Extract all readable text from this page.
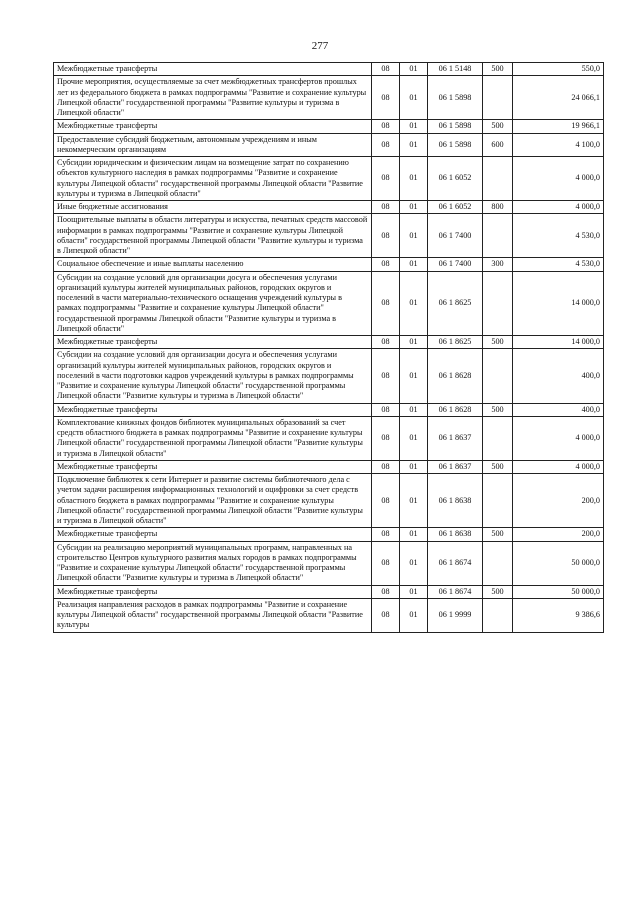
277
Межбюджетные трансферты	08	01	06 1 5148	500	550,0
Прочие мероприятия, осуществляемые за счет межбюджетных трансфертов прошлых лет из федерального бюджета в рамках подпрограммы "Развитие и сохранение культуры Липецкой области" государственной программы "Развитие культуры и туризма в Липецкой области"	08	01	06 1 5898		24 066,1
Межбюджетные трансферты	08	01	06 1 5898	500	19 966,1
Предоставление субсидий бюджетным, автономным учреждениям и иным некоммерческим организациям	08	01	06 1 5898	600	4 100,0
Субсидии юридическим и физическим лицам на возмещение затрат по сохранению объектов культурного наследия в рамках подпрограммы "Развитие и сохранение культуры Липецкой области" государственной программы Липецкой области "Развитие культуры и туризма в Липецкой области"	08	01	06 1 6052		4 000,0
Иные бюджетные ассигнования	08	01	06 1 6052	800	4 000,0
Поощрительные выплаты в области литературы и искусства, печатных средств массовой информации в рамках подпрограммы "Развитие и сохранение культуры Липецкой области" государственной программы Липецкой области "Развитие культуры и туризма в Липецкой области"	08	01	06 1 7400		4 530,0
Социальное обеспечение и иные выплаты населению	08	01	06 1 7400	300	4 530,0
Субсидии на создание условий для организации досуга и обеспечения услугами организаций культуры жителей муниципальных районов, городских округов и поселений в части материально-технического оснащения учреждений культуры в рамках подпрограммы "Развитие и сохранение культуры Липецкой области" государственной программы Липецкой области "Развитие культуры и туризма в Липецкой области"	08	01	06 1 8625		14 000,0
Межбюджетные трансферты	08	01	06 1 8625	500	14 000,0
Субсидии на создание условий для организации досуга и обеспечения услугами организаций культуры жителей муниципальных районов, городских округов и поселений в части подготовки кадров учреждений культуры в рамках подпрограммы "Развитие и сохранение культуры Липецкой области" государственной программы Липецкой области "Развитие культуры и туризма в Липецкой области"	08	01	06 1 8628		400,0
Межбюджетные трансферты	08	01	06 1 8628	500	400,0
Комплектование книжных фондов библиотек муниципальных образований за счет средств областного бюджета в рамках подпрограммы "Развитие и сохранение культуры Липецкой области" государственной программы Липецкой области "Развитие культуры и туризма в Липецкой области"	08	01	06 1 8637		4 000,0
Межбюджетные трансферты	08	01	06 1 8637	500	4 000,0
Подключение библиотек к сети Интернет и развитие системы библиотечного дела с учетом задачи расширения информационных технологий и оцифровки за счет средств областного бюджета в рамках подпрограммы "Развитие и сохранение культуры Липецкой области" государственной программы Липецкой области "Развитие культуры и туризма в Липецкой области"	08	01	06 1 8638		200,0
Межбюджетные трансферты	08	01	06 1 8638	500	200,0
Субсидии на реализацию мероприятий муниципальных программ, направленных на строительство Центров культурного развития малых городов в рамках подпрограммы "Развитие и сохранение культуры Липецкой области" государственной программы Липецкой области "Развитие культуры и туризма в Липецкой области"	08	01	06 1 8674		50 000,0
Межбюджетные трансферты	08	01	06 1 8674	500	50 000,0
Реализация направления расходов в рамках подпрограммы "Развитие и сохранение культуры Липецкой области" государственной программы Липецкой области "Развитие культуры	08	01	06 1 9999		9 386,6
